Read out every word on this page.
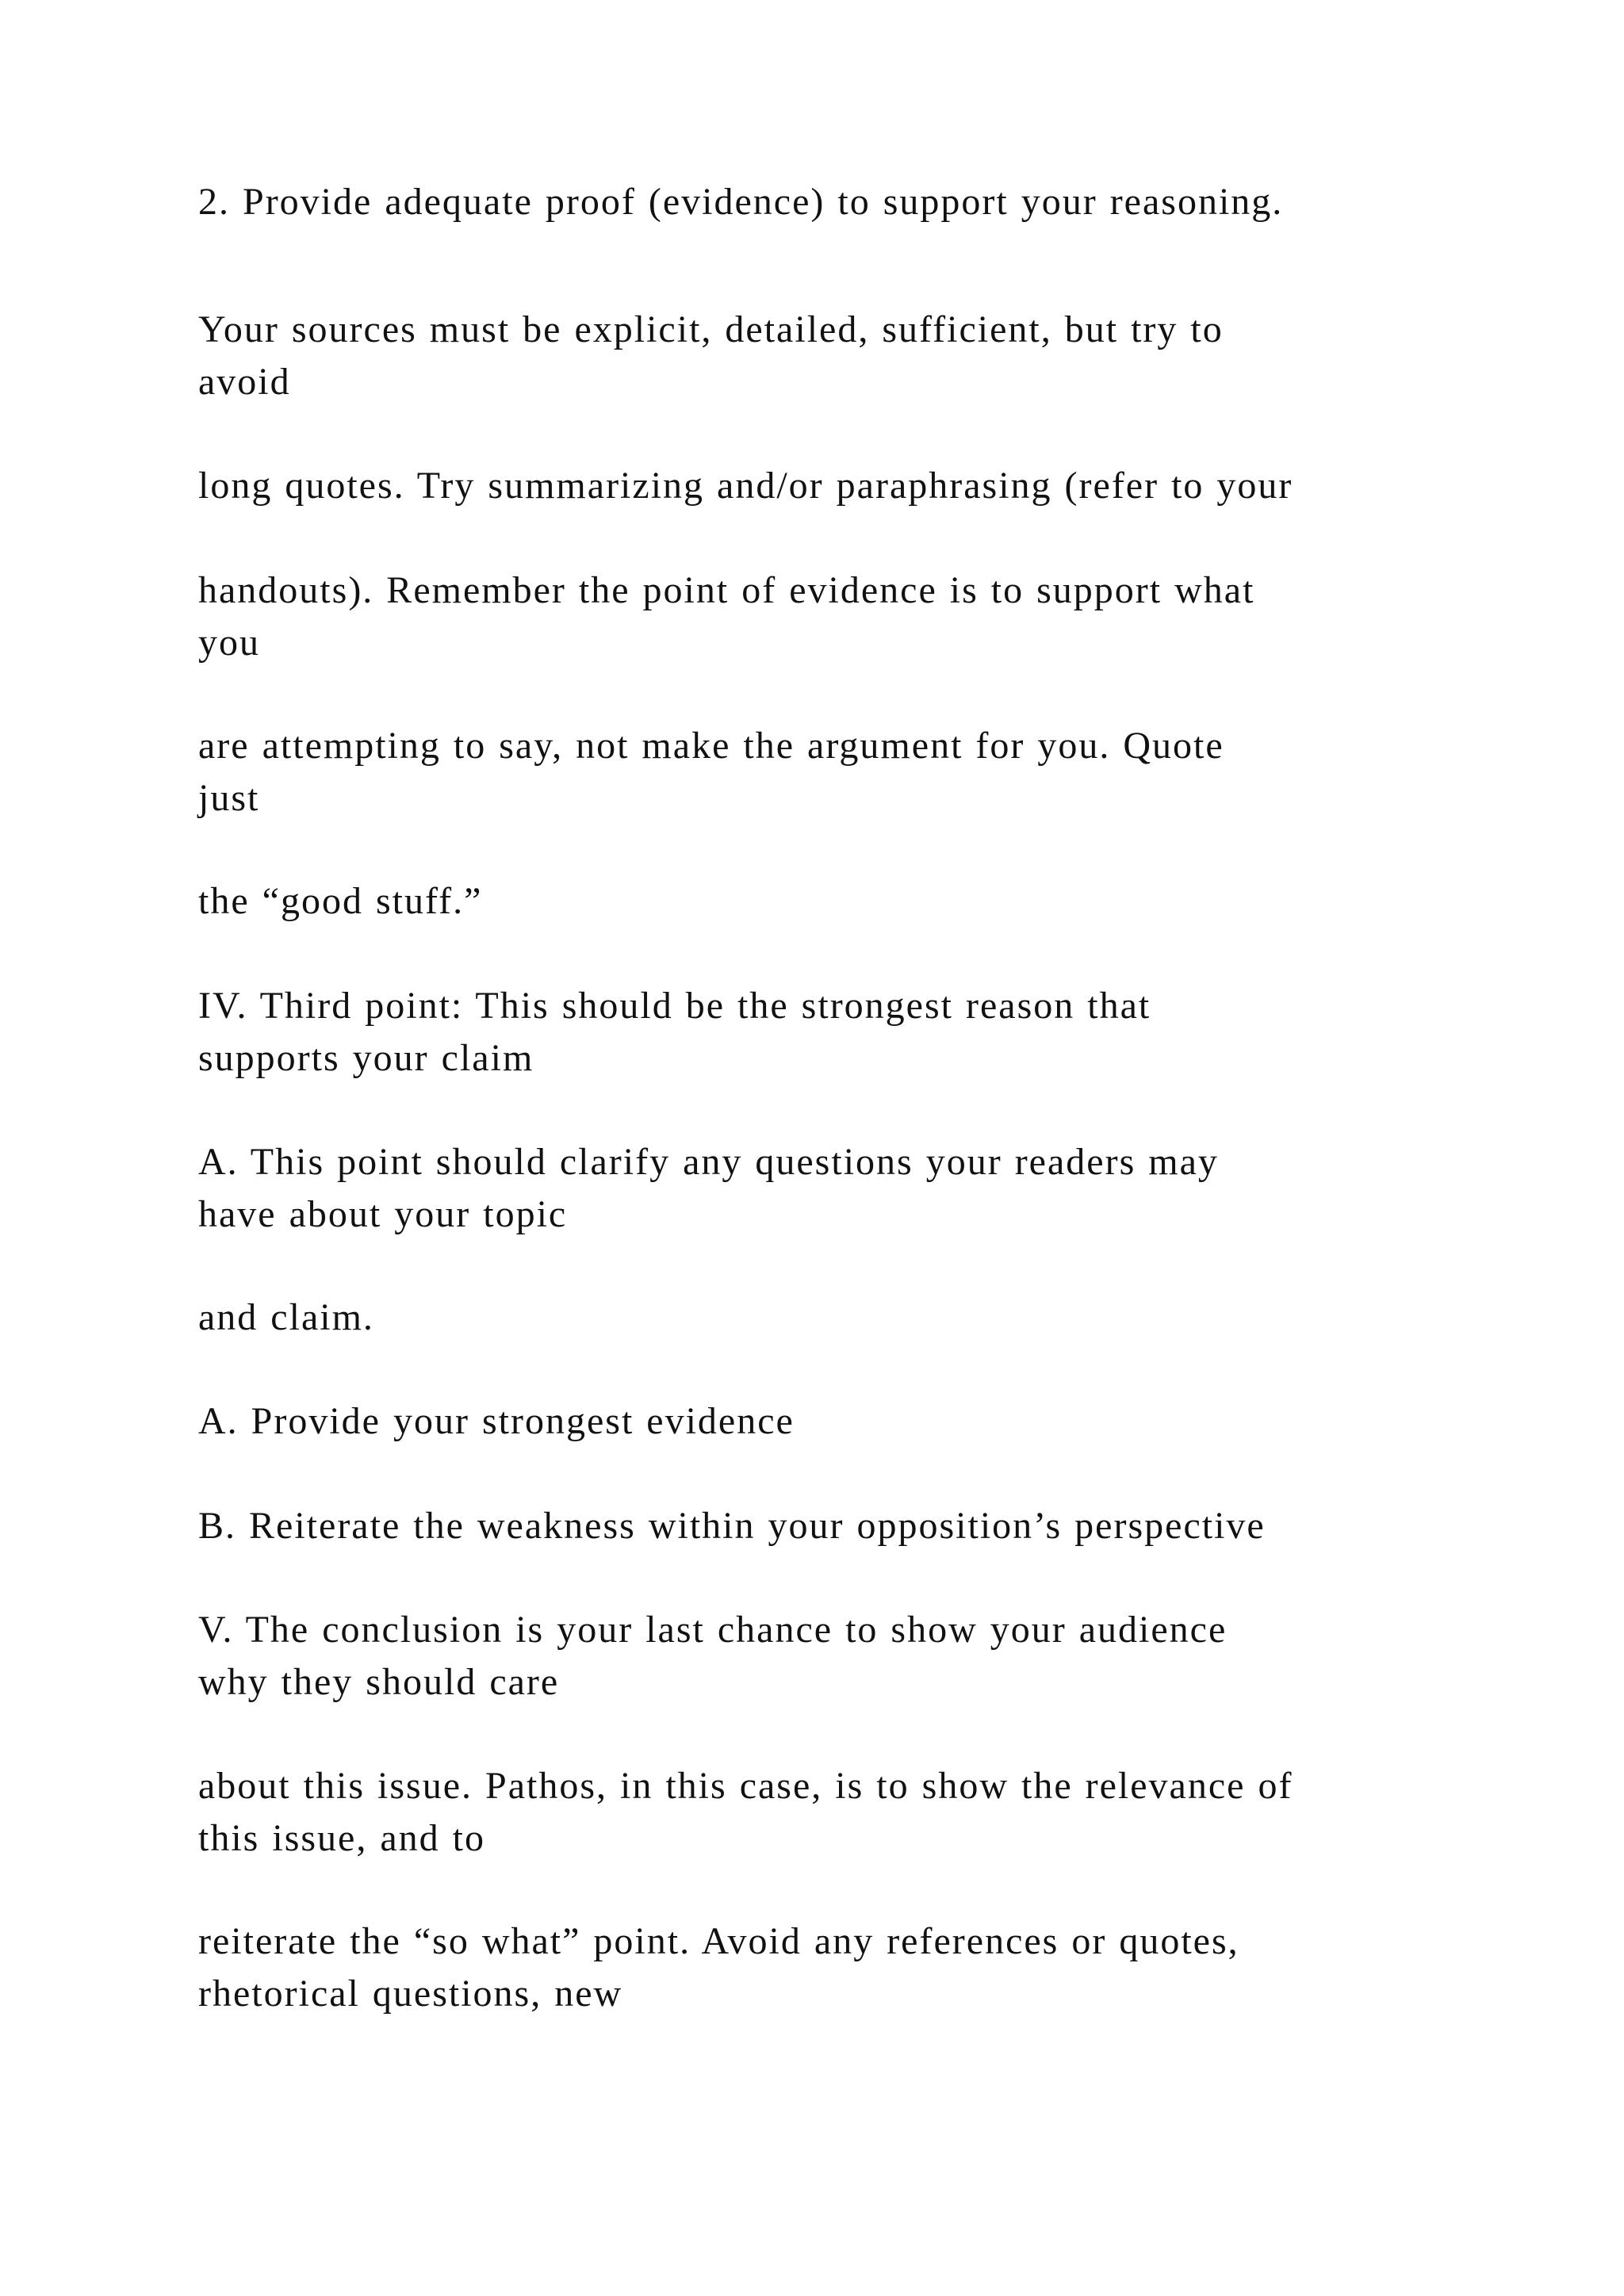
2. Provide adequate proof (evidence) to support your reasoning.
Your sources must be explicit, detailed, sufficient, but try to
avoid
long quotes. Try summarizing and/or paraphrasing (refer to your
handouts). Remember the point of evidence is to support what
you
are attempting to say, not make the argument for you. Quote
just
the “good stuff.”
IV. Third point: This should be the strongest reason that
supports your claim
A. This point should clarify any questions your readers may
have about your topic
and claim.
A. Provide your strongest evidence
B. Reiterate the weakness within your opposition’s perspective
V. The conclusion is your last chance to show your audience
why they should care
about this issue. Pathos, in this case, is to show the relevance of
this issue, and to
reiterate the “so what” point. Avoid any references or quotes,
rhetorical questions, new
